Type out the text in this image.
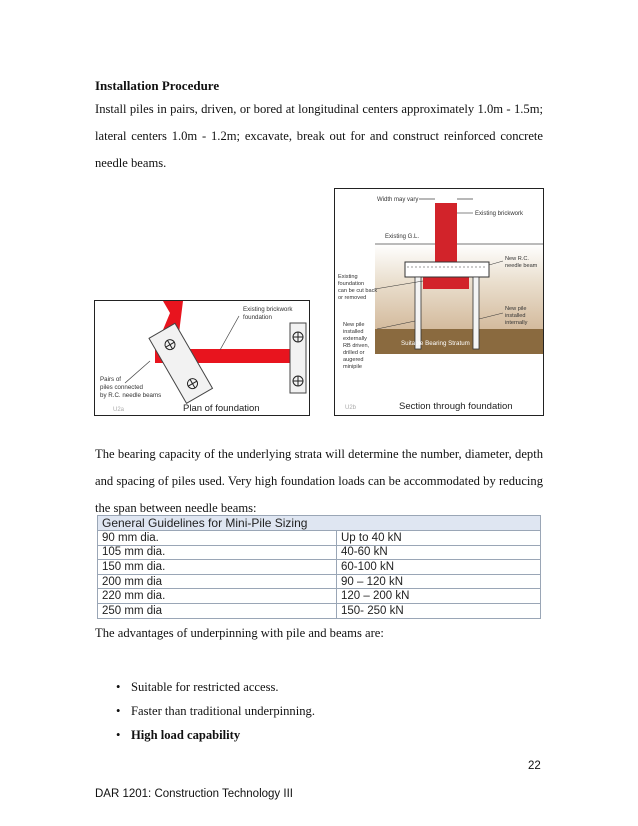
Installation Procedure
Install piles in pairs, driven, or bored at longitudinal centers approximately 1.0m - 1.5m; lateral centers 1.0m - 1.2m; excavate, break out for and construct reinforced concrete needle beams.
Existing brickwork
foundation
Pairs of
piles connected
by R.C. needle beams
U2a	Plan of foundation
Width may vary
Existing brickwork
Existing G.L.
Existing
foundation
can be cut back
or removed
New R.C.
needle beam
New pile
installed
internally
New pile
installed
externally
RB driven,
drilled or
augered
minipile
Suitable Bearing Stratum
U2b	Section through foundation
The bearing capacity of the underlying strata will determine the number, diameter, depth and spacing of piles used. Very high foundation loads can be accommodated by reducing the span between needle beams:
General Guidelines for Mini-Pile Sizing	
90 mm dia.	Up to 40 kN
105 mm dia.	40-60 kN
150 mm dia.	60-100 kN
200 mm dia	90 – 120 kN
220 mm dia.	120 – 200 kN
250 mm dia	150- 250 kN
The advantages of underpinning with pile and beams are:
• Suitable for restricted access.
• Faster than traditional underpinning.
• High load capability
22
DAR 1201: Construction Technology III
